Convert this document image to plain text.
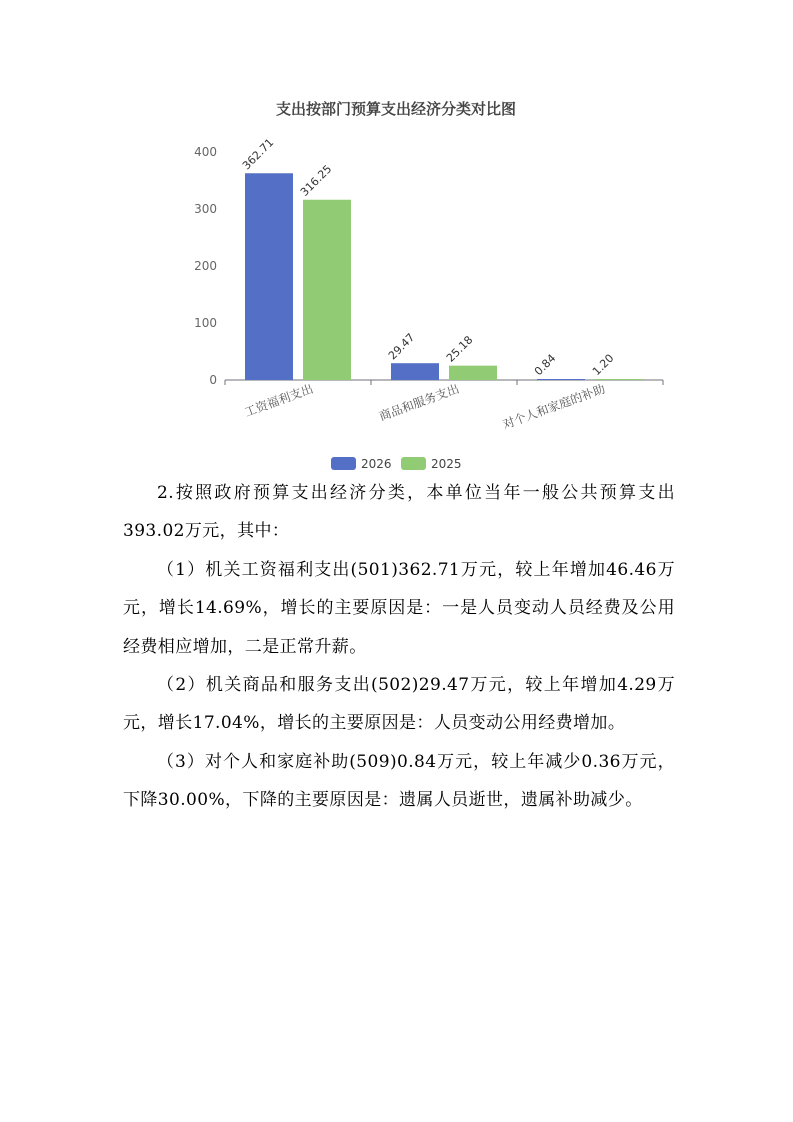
支出按部门预算支出经济分类对比图
0
100
200
300
400 362.71
316.25
29.47 25.18
0.84	1.20
工资福利支出	商品和服务支出	对个人和家庭的补助
2026	2025

2.按照政府预算支出经济分类，本单位当年一般公共预算支出393.02万元，其中：

（1）机关工资福利支出(501)362.71万元，较上年增加46.46万元，增长14.69%，增长的主要原因是：一是人员变动人员经费及公用经费相应增加，二是正常升薪。

（2）机关商品和服务支出(502)29.47万元，较上年增加4.29万元，增长17.04%，增长的主要原因是：人员变动公用经费增加。

（3）对个人和家庭补助(509)0.84万元，较上年减少0.36万元，下降30.00%，下降的主要原因是：遗属人员逝世，遗属补助减少。
